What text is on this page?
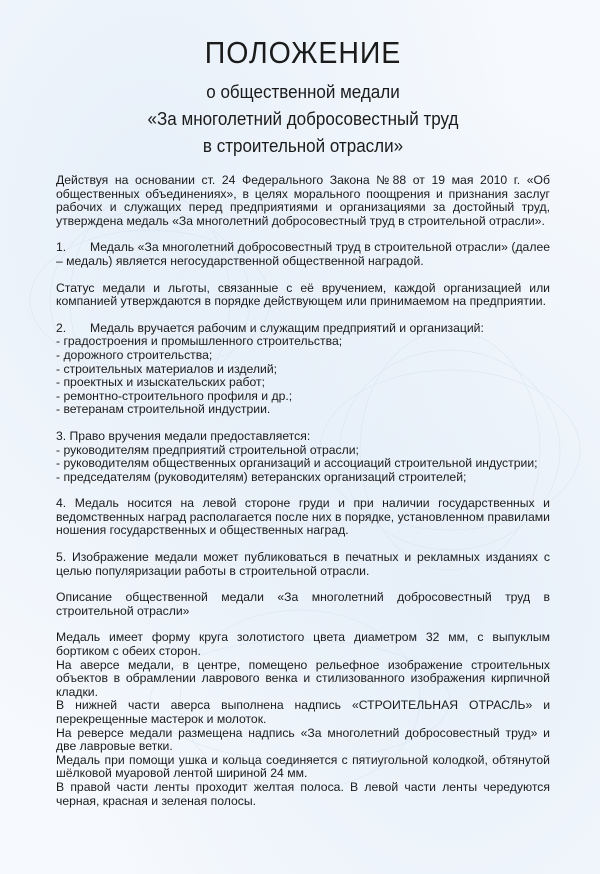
ПОЛОЖЕНИЕ
о общественной медали
«За многолетний добросовестный труд
в строительной отрасли»

Действуя на основании ст. 24 Федерального Закона №88 от 19 мая 2010 г. «Об общественных объединениях», в целях морального поощрения и признания заслуг рабочих и служащих перед предприятиями и организациями за достойный труд, утверждена медаль «За многолетний добросовестный труд в строительной отрасли».

1. Медаль «За многолетний добросовестный труд в строительной отрасли» (далее – медаль) является негосударственной общественной наградой.

Статус медали и льготы, связанные с её вручением, каждой организацией или компанией утверждаются в порядке действующем или принимаемом на предприятии.

2. Медаль вручается рабочим и служащим предприятий и организаций:

- градостроения и промышленного строительства;

- дорожного строительства;

- строительных материалов и изделий;

- проектных и изыскательских работ;

- ремонтно-строительного профиля и др.;

- ветеранам строительной индустрии.

3. Право вручения медали предоставляется:

- руководителям предприятий строительной отрасли;

- руководителям общественных организаций и ассоциаций строительной индустрии;

- председателям (руководителям) ветеранских организаций строителей;

4. Медаль носится на левой стороне груди и при наличии государственных и ведомственных наград располагается после них в порядке, установленном правилами ношения государственных и общественных наград.

5. Изображение медали может публиковаться в печатных и рекламных изданиях с целью популяризации работы в строительной отрасли.

Описание общественной медали «За многолетний добросовестный труд в строительной отрасли»

Медаль имеет форму круга золотистого цвета диаметром 32 мм, с выпуклым бортиком с обеих сторон.

На аверсе медали, в центре, помещено рельефное изображение строительных объектов в обрамлении лаврового венка и стилизованного изображения кирпичной кладки.

В нижней части аверса выполнена надпись «СТРОИТЕЛЬНАЯ ОТРАСЛЬ» и перекрещенные мастерок и молоток.

На реверсе медали размещена надпись «За многолетний добросовестный труд» и две лавровые ветки.

Медаль при помощи ушка и кольца соединяется с пятиугольной колодкой, обтянутой шёлковой муаровой лентой шириной 24 мм.

В правой части ленты проходит желтая полоса. В левой части ленты чередуются черная, красная и зеленая полосы.
